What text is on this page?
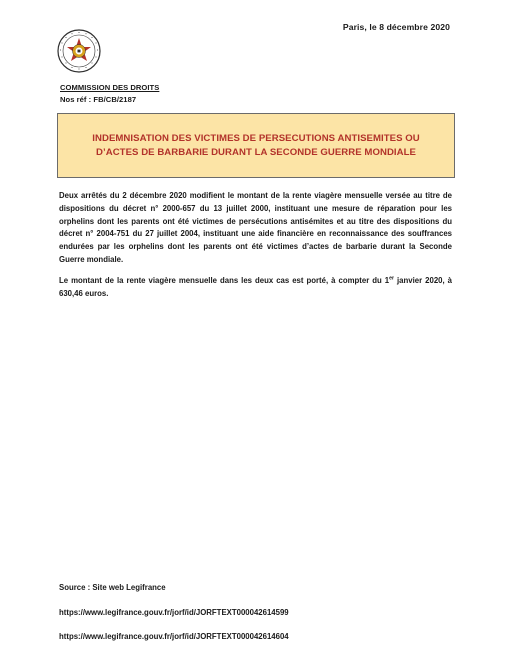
Paris, le 8 décembre 2020
COMMISSION DES DROITS
Nos réf : FB/CB/2187
INDEMNISATION DES VICTIMES DE PERSECUTIONS ANTISEMITES OU D’ACTES DE BARBARIE DURANT LA SECONDE GUERRE MONDIALE

Deux arrêtés du 2 décembre 2020 modifient le montant de la rente viagère mensuelle versée au titre de dispositions du décret n° 2000-657 du 13 juillet 2000, instituant une mesure de réparation pour les orphelins dont les parents ont été victimes de persécutions antisémites et au titre des dispositions du décret n° 2004-751 du 27 juillet 2004, instituant une aide financière en reconnaissance des souffrances endurées par les orphelins dont les parents ont été victimes d’actes de barbarie durant la Seconde Guerre mondiale.

Le montant de la rente viagère mensuelle dans les deux cas est porté, à compter du 1er janvier 2020, à 630,46 euros.

Source : Site web Legifrance
https://www.legifrance.gouv.fr/jorf/id/JORFTEXT000042614599
https://www.legifrance.gouv.fr/jorf/id/JORFTEXT000042614604
